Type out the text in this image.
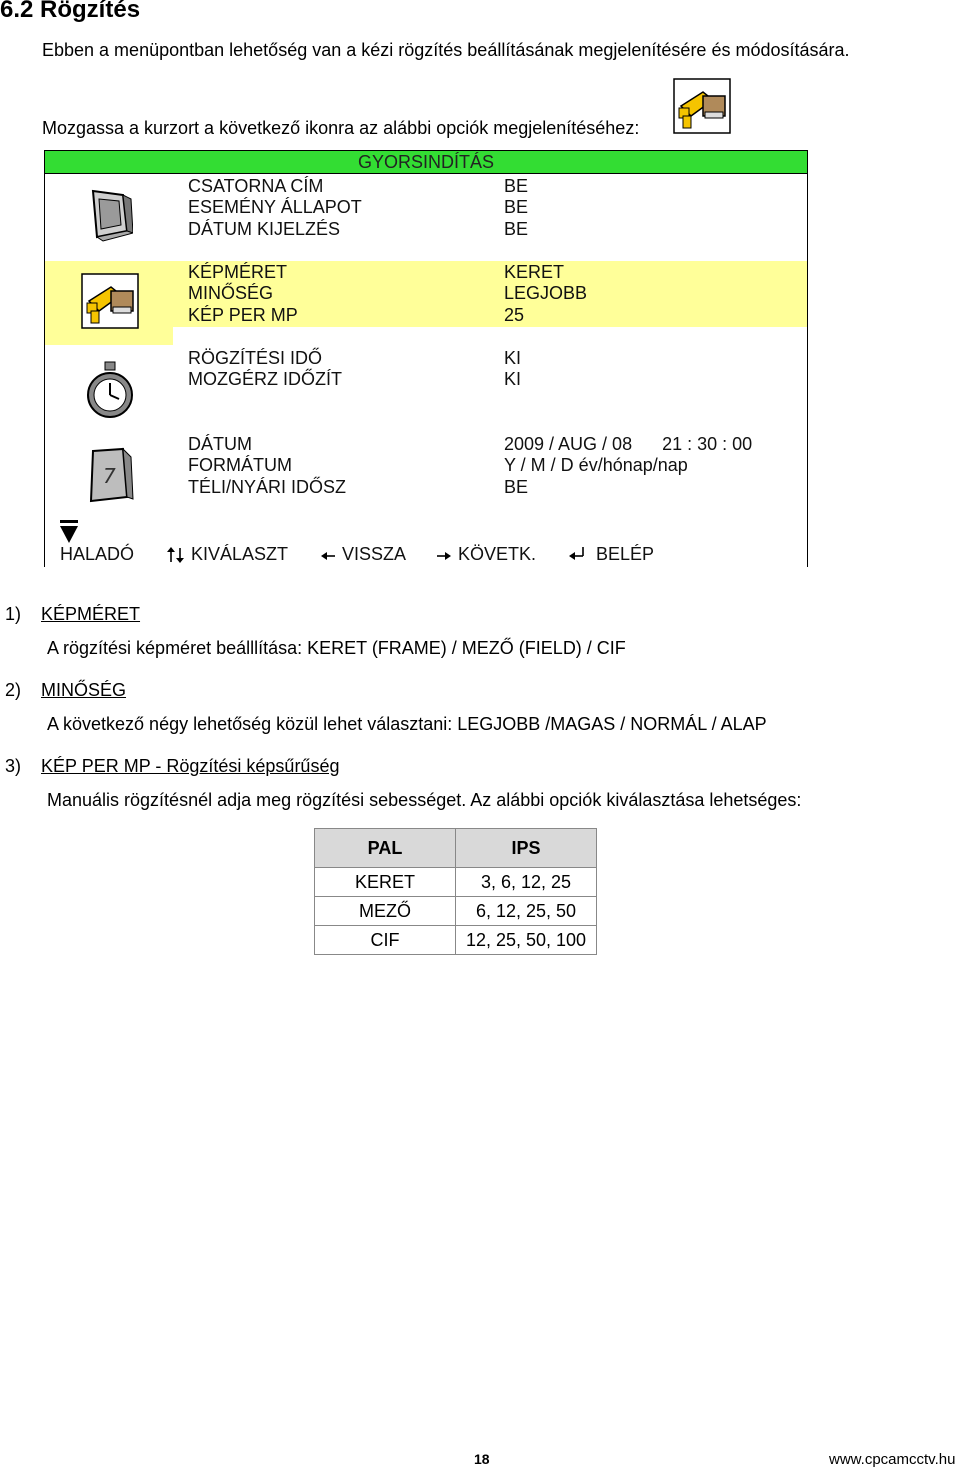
6.2 Rögzítés
Ebben a menüpontban lehetőség van a kézi rögzítés beállításának megjelenítésére és módosítására.
Mozgassa a kurzort a következő ikonra az alábbi opciók megjelenítéséhez:
GYORSINDÍTÁS
7
CSATORNA CÍM	BE
ESEMÉNY ÁLLAPOT	BE
DÁTUM KIJELZÉS	BE
KÉPMÉRET	KERET
MINŐSÉG	LEGJOBB
KÉP PER MP	25
RÖGZÍTÉSI IDŐ	KI
MOZGÉRZ IDŐZÍT	KI
DÁTUM	2009 / AUG / 08      21 : 30 : 00
FORMÁTUM	Y / M / D év/hónap/nap
TÉLI/NYÁRI IDŐSZ	BE
HALADÓ	KIVÁLASZT	VISSZA	KÖVETK.	BELÉP
1) KÉPMÉRET
A rögzítési képméret beálllítása: KERET (FRAME) / MEZŐ (FIELD) / CIF
2) MINŐSÉG
A következő négy lehetőség közül lehet választani: LEGJOBB /MAGAS / NORMÁL / ALAP
3) KÉP PER MP - Rögzítési képsűrűség
Manuális rögzítésnél adja meg rögzítési sebességet. Az alábbi opciók kiválasztása lehetséges:
PAL	IPS
KERET	3, 6, 12, 25
MEZŐ	6, 12, 25, 50
CIF	12, 25, 50, 100
18	www.cpcamcctv.hu
